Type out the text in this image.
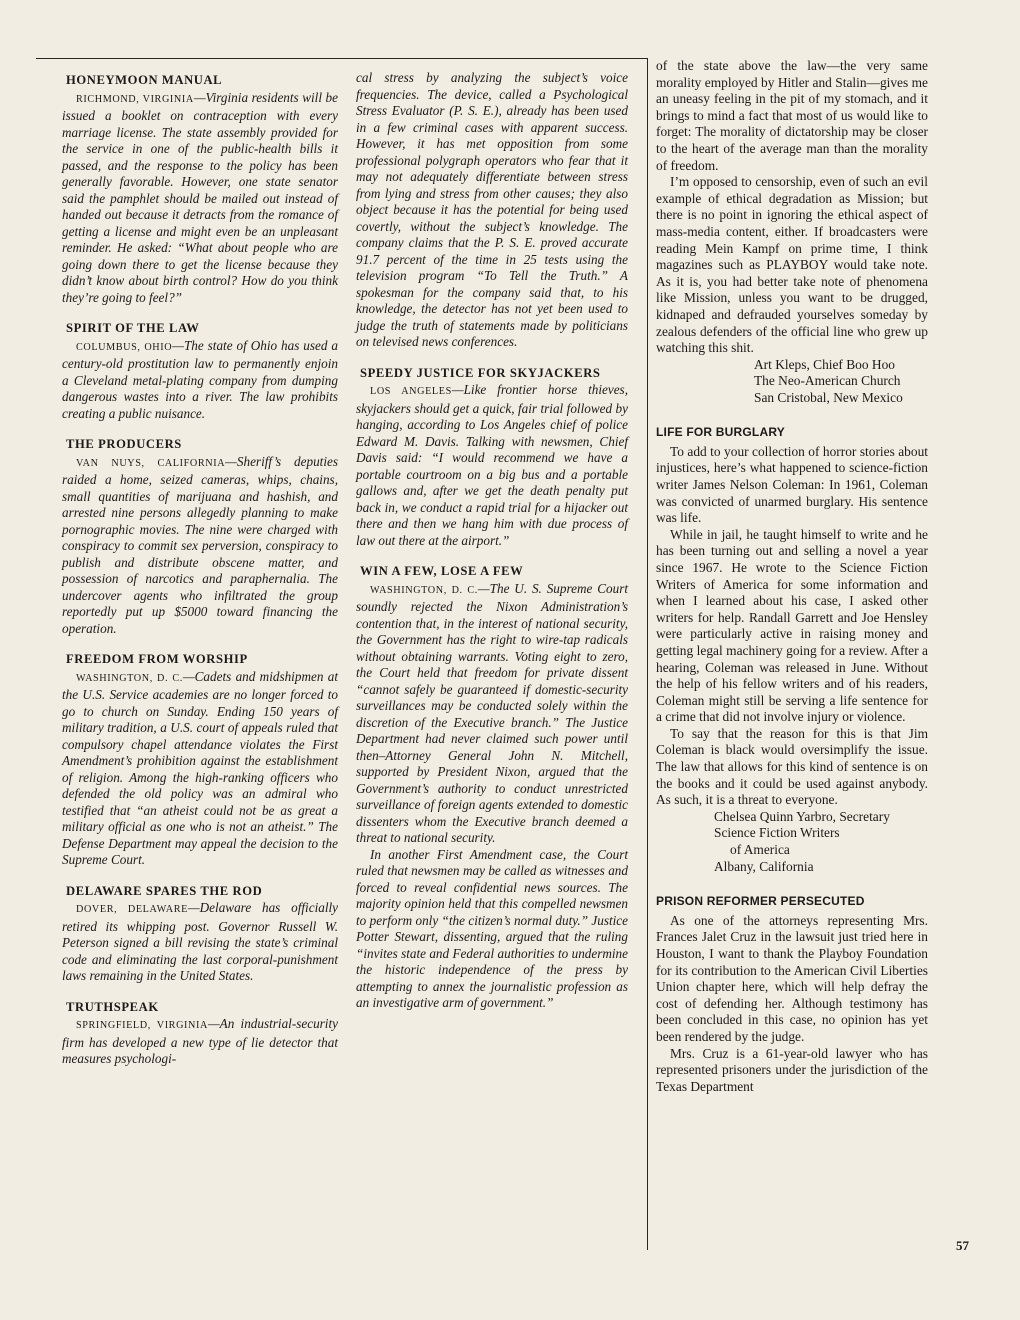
HONEYMOON MANUAL

RICHMOND, VIRGINIA—Virginia residents will be issued a booklet on contraception with every marriage license. The state assembly provided for the service in one of the public-health bills it passed, and the response to the policy has been generally favorable. However, one state senator said the pamphlet should be mailed out instead of handed out because it detracts from the romance of getting a license and might even be an unpleasant reminder. He asked: “What about people who are going down there to get the license because they didn’t know about birth control? How do you think they’re going to feel?”

SPIRIT OF THE LAW

COLUMBUS, OHIO—The state of Ohio has used a century-old prostitution law to permanently enjoin a Cleveland metal-plating company from dumping dangerous wastes into a river. The law prohibits creating a public nuisance.

THE PRODUCERS

VAN NUYS, CALIFORNIA—Sheriff’s deputies raided a home, seized cameras, whips, chains, small quantities of marijuana and hashish, and arrested nine persons allegedly planning to make pornographic movies. The nine were charged with conspiracy to commit sex perversion, conspiracy to publish and distribute obscene matter, and possession of narcotics and paraphernalia. The undercover agents who infiltrated the group reportedly put up $5000 toward financing the operation.

FREEDOM FROM WORSHIP

WASHINGTON, D. C.—Cadets and midshipmen at the U.S. Service academies are no longer forced to go to church on Sunday. Ending 150 years of military tradition, a U.S. court of appeals ruled that compulsory chapel attendance violates the First Amendment’s prohibition against the establishment of religion. Among the high-ranking officers who defended the old policy was an admiral who testified that “an atheist could not be as great a military official as one who is not an atheist.” The Defense Department may appeal the decision to the Supreme Court.

DELAWARE SPARES THE ROD

DOVER, DELAWARE—Delaware has officially retired its whipping post. Governor Russell W. Peterson signed a bill revising the state’s criminal code and eliminating the last corporal-punishment laws remaining in the United States.

TRUTHSPEAK

SPRINGFIELD, VIRGINIA—An industrial-security firm has developed a new type of lie detector that measures psychologi-

cal stress by analyzing the subject’s voice frequencies. The device, called a Psychological Stress Evaluator (P. S. E.), already has been used in a few criminal cases with apparent success. However, it has met opposition from some professional polygraph operators who fear that it may not adequately differentiate between stress from lying and stress from other causes; they also object because it has the potential for being used covertly, without the subject’s knowledge. The company claims that the P. S. E. proved accurate 91.7 percent of the time in 25 tests using the television program “To Tell the Truth.” A spokesman for the company said that, to his knowledge, the detector has not yet been used to judge the truth of statements made by politicians on televised news conferences.

SPEEDY JUSTICE FOR SKYJACKERS

LOS ANGELES—Like frontier horse thieves, skyjackers should get a quick, fair trial followed by hanging, according to Los Angeles chief of police Edward M. Davis. Talking with newsmen, Chief Davis said: “I would recommend we have a portable courtroom on a big bus and a portable gallows and, after we get the death penalty put back in, we conduct a rapid trial for a hijacker out there and then we hang him with due process of law out there at the airport.”

WIN A FEW, LOSE A FEW

WASHINGTON, D. C.—The U. S. Supreme Court soundly rejected the Nixon Administration’s contention that, in the interest of national security, the Government has the right to wire-tap radicals without obtaining warrants. Voting eight to zero, the Court held that freedom for private dissent “cannot safely be guaranteed if domestic-security surveillances may be conducted solely within the discretion of the Executive branch.” The Justice Department had never claimed such power until then–Attorney General John N. Mitchell, supported by President Nixon, argued that the Government’s authority to conduct unrestricted surveillance of foreign agents extended to domestic dissenters whom the Executive branch deemed a threat to national security.

In another First Amendment case, the Court ruled that newsmen may be called as witnesses and forced to reveal confidential news sources. The majority opinion held that this compelled newsmen to perform only “the citizen’s normal duty.” Justice Potter Stewart, dissenting, argued that the ruling “invites state and Federal authorities to undermine the historic independence of the press by attempting to annex the journalistic profession as an investigative arm of government.”

of the state above the law—the very same morality employed by Hitler and Stalin—gives me an uneasy feeling in the pit of my stomach, and it brings to mind a fact that most of us would like to forget: The morality of dictatorship may be closer to the heart of the average man than the morality of freedom.

I’m opposed to censorship, even of such an evil example of ethical degradation as Mission; but there is no point in ignoring the ethical aspect of mass-media content, either. If broadcasters were reading Mein Kampf on prime time, I think magazines such as PLAYBOY would take note. As it is, you had better take note of phenomena like Mission, unless you want to be drugged, kidnaped and defrauded yourselves someday by zealous defenders of the official line who grew up watching this shit.

Art Kleps, Chief Boo Hoo

The Neo-American Church

San Cristobal, New Mexico

LIFE FOR BURGLARY

To add to your collection of horror stories about injustices, here’s what happened to science-fiction writer James Nelson Coleman: In 1961, Coleman was convicted of unarmed burglary. His sentence was life.

While in jail, he taught himself to write and he has been turning out and selling a novel a year since 1967. He wrote to the Science Fiction Writers of America for some information and when I learned about his case, I asked other writers for help. Randall Garrett and Joe Hensley were particularly active in raising money and getting legal machinery going for a review. After a hearing, Coleman was released in June. Without the help of his fellow writers and of his readers, Coleman might still be serving a life sentence for a crime that did not involve injury or violence.

To say that the reason for this is that Jim Coleman is black would oversimplify the issue. The law that allows for this kind of sentence is on the books and it could be used against anybody. As such, it is a threat to everyone.

Chelsea Quinn Yarbro, Secretary

Science Fiction Writers

of America

Albany, California

PRISON REFORMER PERSECUTED

As one of the attorneys representing Mrs. Frances Jalet Cruz in the lawsuit just tried here in Houston, I want to thank the Playboy Foundation for its contribution to the American Civil Liberties Union chapter here, which will help defray the cost of defending her. Although testimony has been concluded in this case, no opinion has yet been rendered by the judge.

Mrs. Cruz is a 61-year-old lawyer who has represented prisoners under the jurisdiction of the Texas Department

57
